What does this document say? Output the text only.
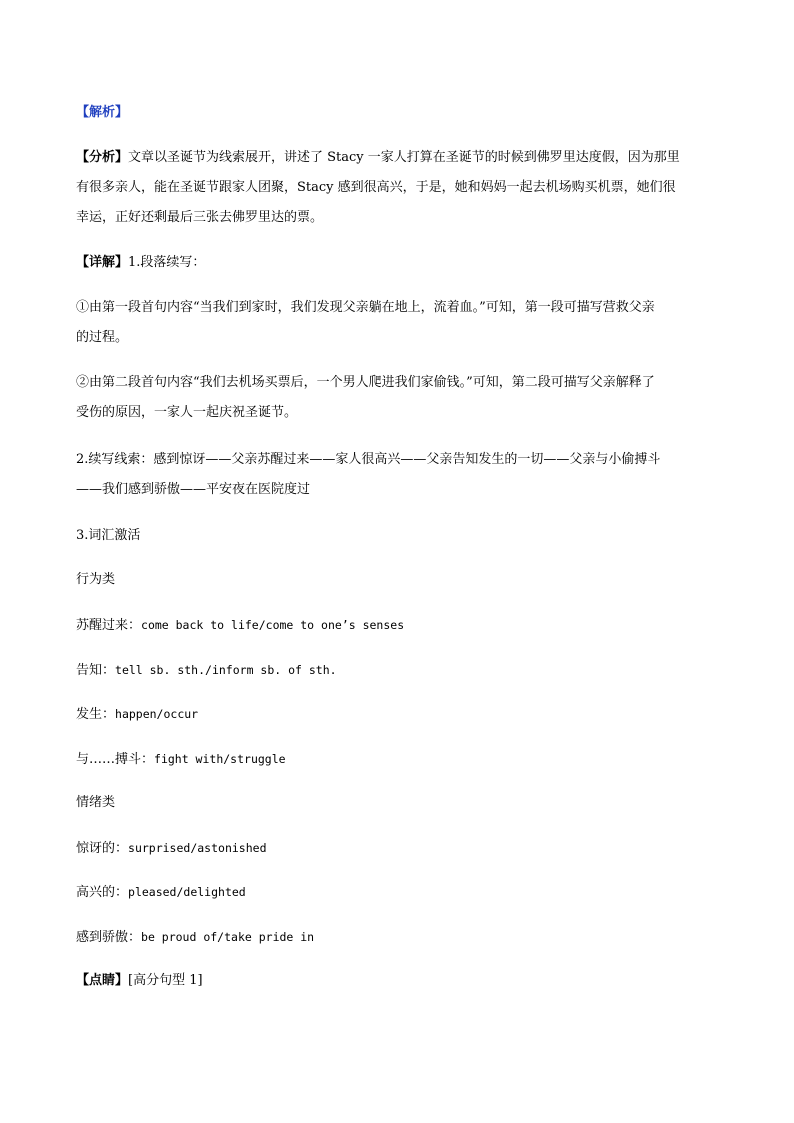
【解析】
【分析】文章以圣诞节为线索展开，讲述了 Stacy 一家人打算在圣诞节的时候到佛罗里达度假，因为那里
有很多亲人，能在圣诞节跟家人团聚，Stacy 感到很高兴，于是，她和妈妈一起去机场购买机票，她们很
幸运，正好还剩最后三张去佛罗里达的票。
【详解】1.段落续写：
①由第一段首句内容“当我们到家时，我们发现父亲躺在地上，流着血。”可知，第一段可描写营救父亲
的过程。
②由第二段首句内容“我们去机场买票后，一个男人爬进我们家偷钱。”可知，第二段可描写父亲解释了
受伤的原因，一家人一起庆祝圣诞节。
2.续写线索：感到惊讶——父亲苏醒过来——家人很高兴——父亲告知发生的一切——父亲与小偷搏斗
——我们感到骄傲——平安夜在医院度过
3.词汇激活
行为类
苏醒过来：come back to life/come to one’s senses
告知：tell sb. sth./inform sb. of sth.
发生：happen/occur
与……搏斗：fight with/struggle
情绪类
惊讶的：surprised/astonished
高兴的：pleased/delighted
感到骄傲：be proud of/take pride in
【点睛】[高分句型 1]
